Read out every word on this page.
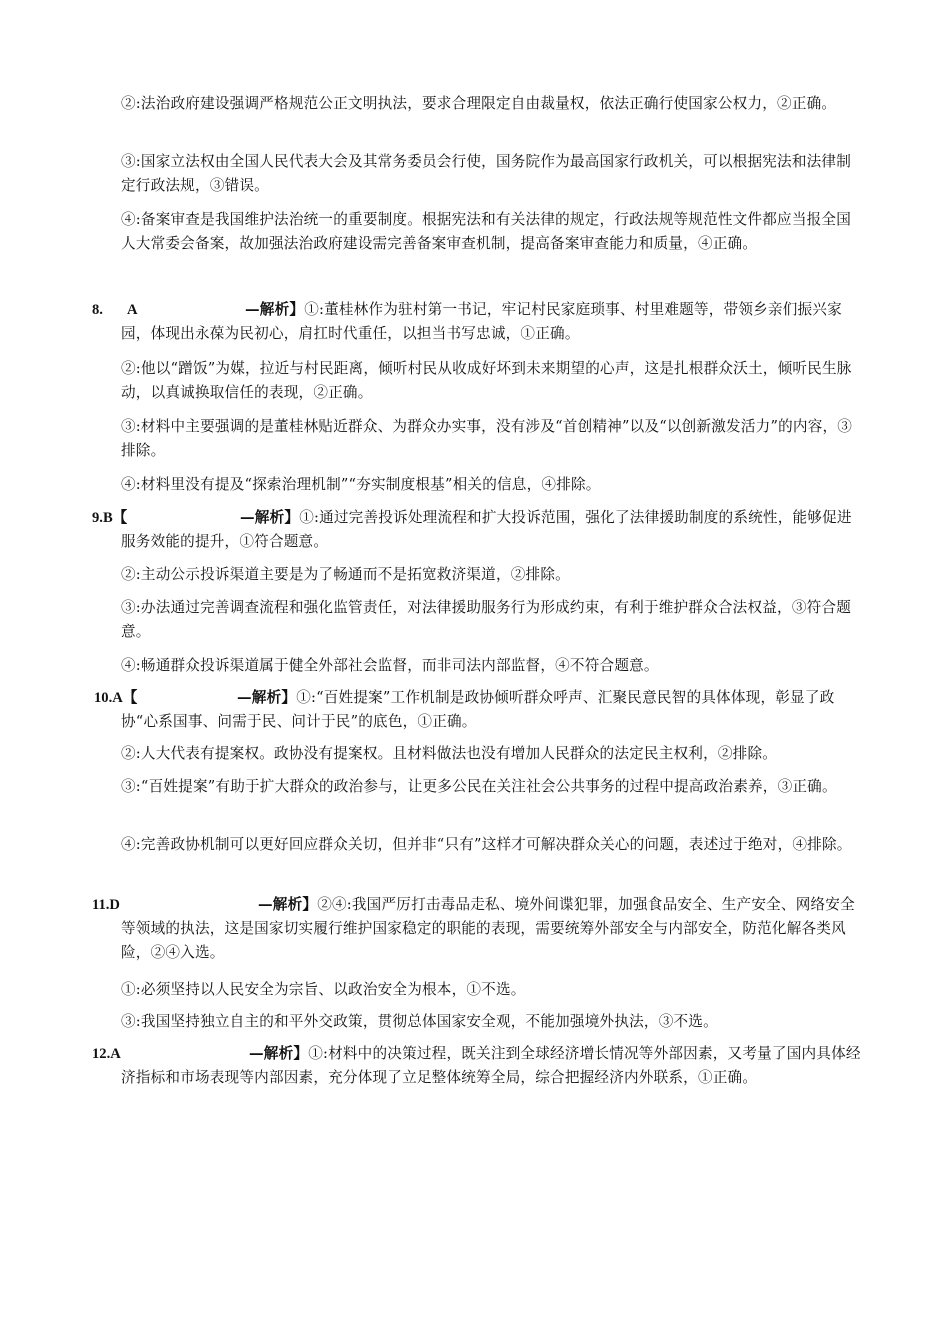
②:法治政府建设强调严格规范公正文明执法，要求合理限定自由裁量权，依法正确行使国家公权力，②正确。

③:国家立法权由全国人民代表大会及其常务委员会行使，国务院作为最高国家行政机关，可以根据宪法和法律制定行政法规，③错误。

④:备案审查是我国维护法治统一的重要制度。根据宪法和有关法律的规定，行政法规等规范性文件都应当报全国人大常委会备案，故加强法治政府建设需完善备案审查机制，提高备案审查能力和质量，④正确。

8. A	—解析】①:董桂林作为驻村第一书记，牢记村民家庭琐事、村里难题等，带领乡亲们振兴家园，体现出永葆为民初心，肩扛时代重任，以担当书写忠诚，①正确。

②:他以“蹭饭”为媒，拉近与村民距离，倾听村民从收成好坏到未来期望的心声，这是扎根群众沃土，倾听民生脉动，以真诚换取信任的表现，②正确。

③:材料中主要强调的是董桂林贴近群众、为群众办实事，没有涉及“首创精神”以及“以创新激发活力”的内容，③排除。

④:材料里没有提及“探索治理机制”“夯实制度根基”相关的信息，④排除。

9.B【	—解析】①:通过完善投诉处理流程和扩大投诉范围，强化了法律援助制度的系统性，能够促进服务效能的提升，①符合题意。

②:主动公示投诉渠道主要是为了畅通而不是拓宽救济渠道，②排除。

③:办法通过完善调查流程和强化监管责任，对法律援助服务行为形成约束，有利于维护群众合法权益，③符合题意。

④:畅通群众投诉渠道属于健全外部社会监督，而非司法内部监督，④不符合题意。

10.A【	—解析】①:“百姓提案”工作机制是政协倾听群众呼声、汇聚民意民智的具体体现，彰显了政协“心系国事、问需于民、问计于民”的底色，①正确。

②:人大代表有提案权。政协没有提案权。且材料做法也没有增加人民群众的法定民主权利，②排除。

③:“百姓提案”有助于扩大群众的政治参与，让更多公民在关注社会公共事务的过程中提高政治素养，③正确。

④:完善政协机制可以更好回应群众关切，但并非“只有”这样才可解决群众关心的问题，表述过于绝对，④排除。

11.D	—解析】②④:我国严厉打击毒品走私、境外间谍犯罪，加强食品安全、生产安全、网络安全等领域的执法，这是国家切实履行维护国家稳定的职能的表现，需要统筹外部安全与内部安全，防范化解各类风险，②④入选。

①:必须坚持以人民安全为宗旨、以政治安全为根本，①不选。

③:我国坚持独立自主的和平外交政策，贯彻总体国家安全观，不能加强境外执法，③不选。

12.A	—解析】①:材料中的决策过程，既关注到全球经济增长情况等外部因素，又考量了国内具体经济指标和市场表现等内部因素，充分体现了立足整体统筹全局，综合把握经济内外联系，①正确。
